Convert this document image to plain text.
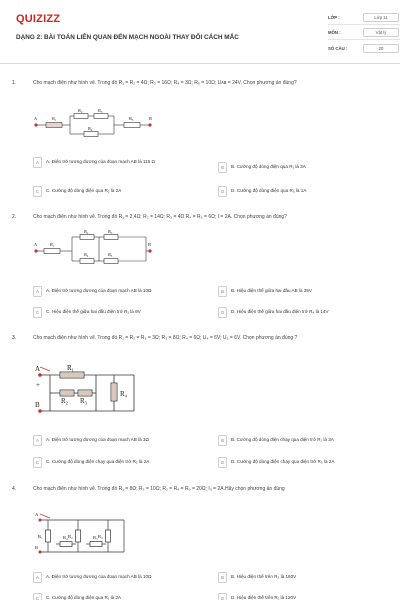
QUIZIZZ
DẠNG 2: BÀI TOÁN LIÊN QUAN ĐẾN MẠCH NGOÀI THAY ĐỔI CÁCH MẮC
LỚP :	Lớp 11
MÔN :	Vật lý
SỐ CÂU :	20
1.	Cho mạch điện như hình vẽ. Trong đó R₁ = R₂ = 4Ω; R₃ = 16Ω; R₄ = 3Ω; R₅ = 10Ω; Uᴀʙ = 24V. Chọn phương án đúng?
A	B
R₁
R₂	R₃
R₄
R₅
A	A. Điện trở tương đương của đoạn mạch AB là 115 Ω
B	B. Cường độ dòng điện qua R₁ là 3A
C	C. Cường độ dòng điện qua R₂ là 2A	D	D. Cường độ dòng điện qua R₃ là 1A
2.	Cho mạch điện như hình vẽ. Trong đó R₁ = 2,4Ω; R₂ = 14Ω; R₃ = 4Ω R₄ = R₅ = 6Ω; I = 2A. Chọn phương án đúng?
A	B
R₁
R₂	R₃
R₄	R₅
A	A. Điện trở tương đương của đoạn mạch AB là 10Ω	B	B. Hiệu điện thế giữa hai đầu AB là 35V
C	C. Hiệu điện thế giữa hai đầu điện trở R₁ là 9V	D	D. Hiệu điện thế giữa hai đầu điện trở R₄ là 14V
3.	Cho mạch điện như hình vẽ. Trong đó R₁ = R₂ = R₃ = 3Ω; R₃ = 8Ω; R₄ = 6Ω; U₄ = 6V; U₅ = 6V. Chọn phương án đúng ?
A
B
R₁
R₂ R₃
R₄
+
A	A. Điện trở tương đương của đoạn mạch AB là 3Ω	B	B. Cường độ dòng điện chạy qua điện trở R₁ là 3A
C	C. Cường độ dòng điện chạy qua điện trở R₂ là 2A	D	D. Cường độ dòng điện chạy qua điện trở R₃ là 2A
4.	Cho mạch điện như hình vẽ. Trong đó R₁ = 8Ω; R₃ = 10Ω; R₂ = R₄ = R₅ = 20Ω; I₃ = 2A.Hãy chọn phương án đúng
A
B
R₁	R₂	R₃
R₄	R₅
A	A. Điện trở tương đương của đoạn mạch AB là 10Ω	B	B. Hiệu điện thế trên R₃ là 160V
C	C. Cường độ dòng điện qua R₁ là 2A	D	D. Hiệu điện thế trên R₁ là 120V
